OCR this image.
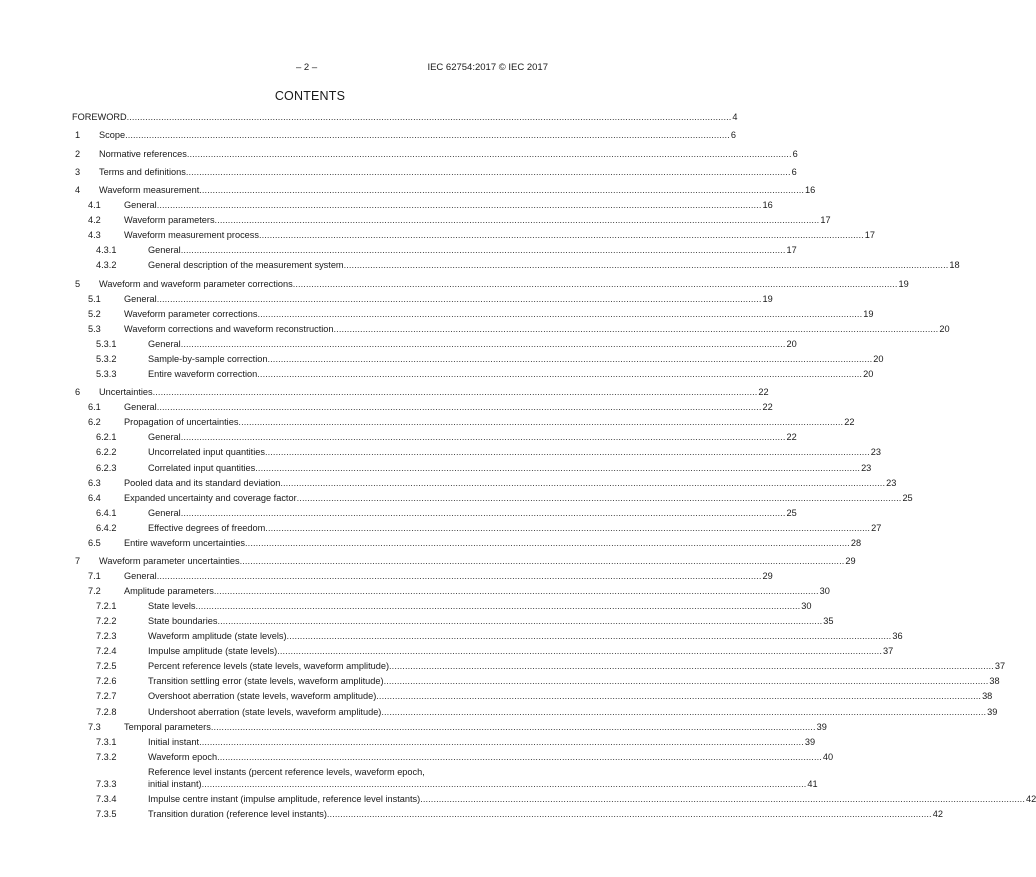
– 2 –	IEC 62754:2017 © IEC 2017
CONTENTS
FOREWORD .....	4
1	Scope .....	6
2	Normative references .....	6
3	Terms and definitions .....	6
4	Waveform measurement .....	16
4.1	General .....	16
4.2	Waveform parameters .....	17
4.3	Waveform measurement process .....	17
4.3.1	General .....	17
4.3.2	General description of the measurement system .....	18
5	Waveform and waveform parameter corrections .....	19
5.1	General .....	19
5.2	Waveform parameter corrections .....	19
5.3	Waveform corrections and waveform reconstruction .....	20
5.3.1	General .....	20
5.3.2	Sample-by-sample correction .....	20
5.3.3	Entire waveform correction .....	20
6	Uncertainties .....	22
6.1	General .....	22
6.2	Propagation of uncertainties .....	22
6.2.1	General .....	22
6.2.2	Uncorrelated input quantities .....	23
6.2.3	Correlated input quantities .....	23
6.3	Pooled data and its standard deviation .....	23
6.4	Expanded uncertainty and coverage factor .....	25
6.4.1	General .....	25
6.4.2	Effective degrees of freedom .....	27
6.5	Entire waveform uncertainties .....	28
7	Waveform parameter uncertainties .....	29
7.1	General .....	29
7.2	Amplitude parameters .....	30
7.2.1	State levels .....	30
7.2.2	State boundaries .....	35
7.2.3	Waveform amplitude (state levels) .....	36
7.2.4	Impulse amplitude (state levels) .....	37
7.2.5	Percent reference levels (state levels, waveform amplitude) .....	37
7.2.6	Transition settling error (state levels, waveform amplitude) .....	38
7.2.7	Overshoot aberration (state levels, waveform amplitude) .....	38
7.2.8	Undershoot aberration (state levels, waveform amplitude) .....	39
7.3	Temporal parameters .....	39
7.3.1	Initial instant .....	39
7.3.2	Waveform epoch .....	40
7.3.3
Reference level instants (percent reference levels, waveform epoch,
initial instant) .....	41
7.3.4	Impulse centre instant (impulse amplitude, reference level instants) .....	42
7.3.5	Transition duration (reference level instants) .....	42
